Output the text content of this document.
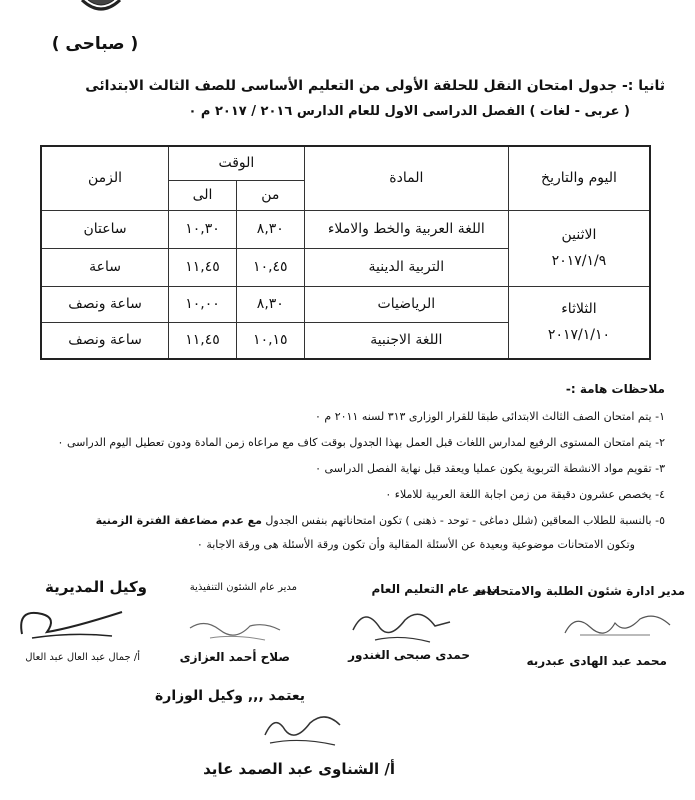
( صباحى )
ثانيا :- جدول امتحان النقل للحلقة الأولى من التعليم الأساسى للصف الثالث الابتدائى
( عربى - لغات ) الفصل الدراسى الاول للعام الدارس ٢٠١٦ / ٢٠١٧ م ٠
اليوم والتاريخ	المادة	الوقت		الزمن
		من	الى	

الاثنين
٢٠١٧/١/٩	اللغة العربية والخط والاملاء	٨,٣٠	١٠,٣٠	ساعتان
	التربية الدينية	١٠,٤٥	١١,٤٥	ساعة

الثلاثاء
٢٠١٧/١/١٠	الرياضيات	٨,٣٠	١٠,٠٠	ساعة ونصف
	اللغة الاجنبية	١٠,١٥	١١,٤٥	ساعة ونصف
ملاحظات هامة :-
١- يتم امتحان الصف الثالث الابتدائى طبقا للقرار الوزارى ٣١٣ لسنه ٢٠١١ م ٠
٢- يتم امتحان المستوى الرفيع لمدارس اللغات قبل العمل بهذا الجدول بوقت كاف مع مراعاه زمن المادة ودون تعطيل اليوم الدراسى ٠
٣- تقويم مواد الانشطة التربوية يكون عمليا ويعقد قبل نهاية الفصل الدراسى ٠
٤- يخصص عشرون دقيقة من زمن اجابة اللغة العربية للاملاء ٠
٥- بالنسبة للطلاب المعاقين (شلل دماغى - توحد - ذهنى ) تكون امتحاناتهم بنفس الجدول مع عدم مضاعفة الفترة الزمنية
وتكون الامتحانات موضوعية وبعيدة عن الأسئلة المقالية وأن تكون ورقة الأسئلة هى ورقة الاجابة ٠
مدير ادارة شئون الطلبة والامتحانات
مدير عام التعليم العام
مدير عام الشئون التنفيذية
وكيل المديرية
محمد عبد الهادى عبدربه
حمدى صبحى الغندور
صلاح أحمد العزازى
أ/ جمال عبد العال عبد العال
يعتمد ,,, وكيل الوزارة
أ/ الشناوى عبد الصمد عايد
